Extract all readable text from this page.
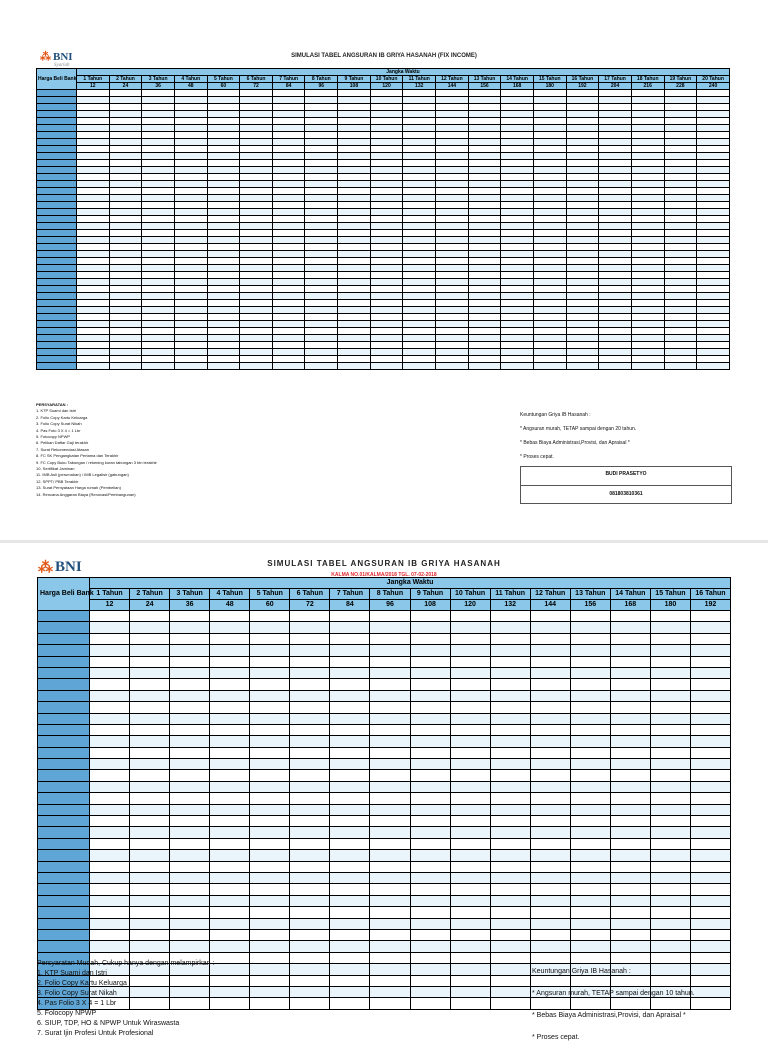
⁂ BNI
Syariah
SIMULASI TABEL ANGSURAN IB GRIYA HASANAH (FIX INCOME)
Harga Beli Bank	Jangka Waktu																			
	1 Tahun	2 Tahun	3 Tahun	4 Tahun	5 Tahun	6 Tahun	7 Tahun	8 Tahun	9 Tahun	10 Tahun	11 Tahun	12 Tahun	13 Tahun	14 Tahun	15 Tahun	16 Tahun	17 Tahun	18 Tahun	19 Tahun	20 Tahun
	12	24	36	48	60	72	84	96	108	120	132	144	156	168	180	192	204	216	228	240

PERSYARATAN :
1. KTP Suami dan Istri
2. Folio Copy Kartu Keluarga
3. Folio Copy Surat Nikah
4. Pas Foto 3 X 4 = 1 Lbr
5. Fotocopy NPWP
6. Pelikan Daftar Gaji terakhir
7. Surat Rekomendasi Atasan
8. FC SK Pengangkatan Pertama dan Terakhir
9. FC Copy Buku Tabungan / rekening koran tabungan 3 bln terakhir
10. Sertifikat Jaminan
11. IMB Asli (perumahan) / IMB Legalisir (gabungan)
12. SPPT/ PBB Terakhir
13. Surat Pernyataan Harga rumah (Pembelian)
14. Rencana Anggaran Biaya (Renovasi/Pembangunan)

Keuntungan Griya IB Hasanah :

* Angsuran murah, TETAP sampai dengan 20 tahun.

* Bebas Biaya Administrasi,Provisi, dan Apraisal *

* Proses cepat.

BUDI PRASETYO
081803810361
⁂ BNI	SIMULASI TABEL ANGSURAN IB GRIYA HASANAH
KALMA NO.01/KALMA/2018 TGL. 07-02-2018
Harga Beli Bank	Jangka Waktu															
	1 Tahun	2 Tahun	3 Tahun	4 Tahun	5 Tahun	6 Tahun	7 Tahun	8 Tahun	9 Tahun	10 Tahun	11 Tahun	12 Tahun	13 Tahun	14 Tahun	15 Tahun	16 Tahun
	12	24	36	48	60	72	84	96	108	120	132	144	156	168	180	192

Persyaratan Mudah, Cukup hanya dengan melampirkan :
1. KTP Suami dan Istri
2. Folio Copy Kartu Keluarga
3. Folio Copy Surat Nikah
4. Pas Folio 3 X 4 = 1 Lbr
5. Folocopy NPWP
6. SIUP, TDP, HO & NPWP Untuk Wiraswasta
7. Surat Ijin Profesi Untuk Profesional

Keuntungan Griya IB Hasanah :

* Angsuran murah, TETAP sampai dengan 10 tahun.

* Bebas Biaya Administrasi,Provisi, dan Apraisal *

* Proses cepat.
